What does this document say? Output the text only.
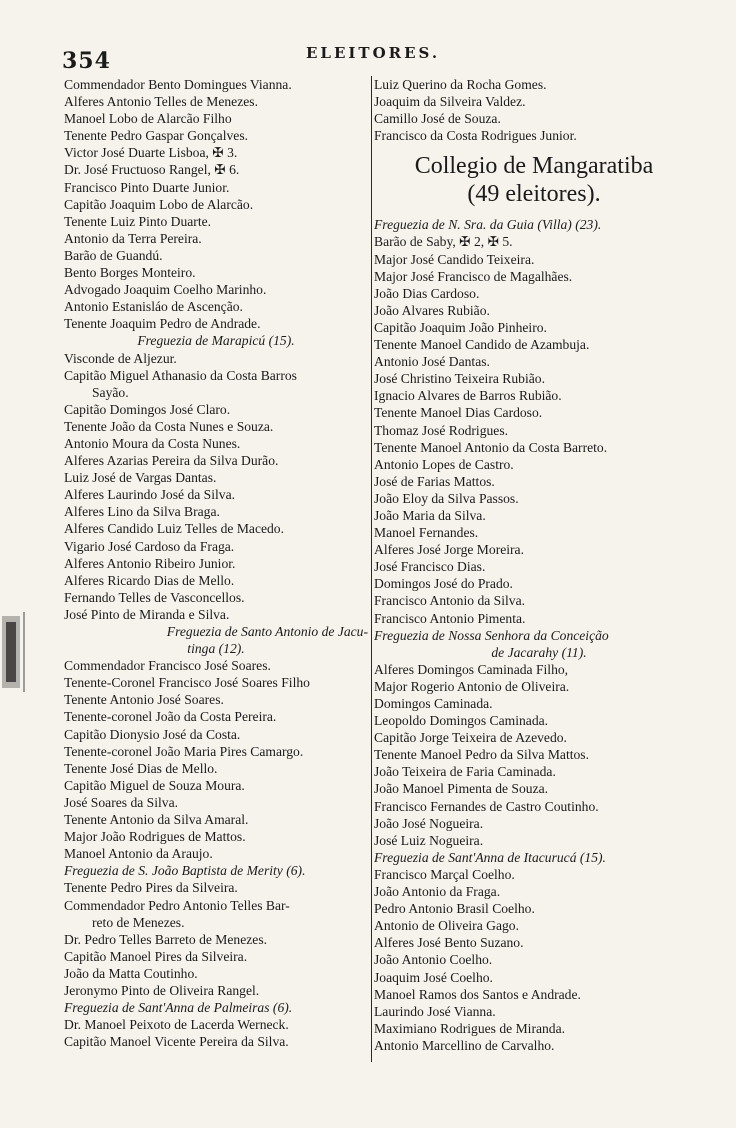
354	ELEITORES.
Commendador Bento Domingues Vianna.
Alferes Antonio Telles de Menezes.
Manoel Lobo de Alarcão Filho
Tenente Pedro Gaspar Gonçalves.
Victor José Duarte Lisboa, ✠ 3.
Dr. José Fructuoso Rangel, ✠ 6.
Francisco Pinto Duarte Junior.
Capitão Joaquim Lobo de Alarcão.
Tenente Luiz Pinto Duarte.
Antonio da Terra Pereira.
Barão de Guandú.
Bento Borges Monteiro.
Advogado Joaquim Coelho Marinho.
Antonio Estanisláo de Ascenção.
Tenente Joaquim Pedro de Andrade.
Freguezia de Marapicú (15).
Visconde de Aljezur.
Capitão Miguel Athanasio da Costa Barros
Sayão.
Capitão Domingos José Claro.
Tenente João da Costa Nunes e Souza.
Antonio Moura da Costa Nunes.
Alferes Azarias Pereira da Silva Durão.
Luiz José de Vargas Dantas.
Alferes Laurindo José da Silva.
Alferes Lino da Silva Braga.
Alferes Candido Luiz Telles de Macedo.
Vigario José Cardoso da Fraga.
Alferes Antonio Ribeiro Junior.
Alferes Ricardo Dias de Mello.
Fernando Telles de Vasconcellos.
José Pinto de Miranda e Silva.
Freguezia de Santo Antonio de Jacu-
tinga (12).
Commendador Francisco José Soares.
Tenente-Coronel Francisco José Soares Filho
Tenente Antonio José Soares.
Tenente-coronel João da Costa Pereira.
Capitão Dionysio José da Costa.
Tenente-coronel João Maria Pires Camargo.
Tenente José Dias de Mello.
Capitão Miguel de Souza Moura.
José Soares da Silva.
Tenente Antonio da Silva Amaral.
Major João Rodrigues de Mattos.
Manoel Antonio da Araujo.
Freguezia de S. João Baptista de Merity (6).
Tenente Pedro Pires da Silveira.
Commendador Pedro Antonio Telles Bar-
reto de Menezes.
Dr. Pedro Telles Barreto de Menezes.
Capitão Manoel Pires da Silveira.
João da Matta Coutinho.
Jeronymo Pinto de Oliveira Rangel.
Freguezia de Sant'Anna de Palmeiras (6).
Dr. Manoel Peixoto de Lacerda Werneck.
Capitão Manoel Vicente Pereira da Silva.
Luiz Querino da Rocha Gomes.
Joaquim da Silveira Valdez.
Camillo José de Souza.
Francisco da Costa Rodrigues Junior.
Collegio de Mangaratiba
(49 eleitores).
Freguezia de N. Sra. da Guia (Villa) (23).
Barão de Saby, ✠ 2, ✠ 5.
Major José Candido Teixeira.
Major José Francisco de Magalhães.
João Dias Cardoso.
João Alvares Rubião.
Capitão Joaquim João Pinheiro.
Tenente Manoel Candido de Azambuja.
Antonio José Dantas.
José Christino Teixeira Rubião.
Ignacio Alvares de Barros Rubião.
Tenente Manoel Dias Cardoso.
Thomaz José Rodrigues.
Tenente Manoel Antonio da Costa Barreto.
Antonio Lopes de Castro.
José de Farias Mattos.
João Eloy da Silva Passos.
João Maria da Silva.
Manoel Fernandes.
Alferes José Jorge Moreira.
José Francisco Dias.
Domingos José do Prado.
Francisco Antonio da Silva.
Francisco Antonio Pimenta.
Freguezia de Nossa Senhora da Conceição
de Jacarahy (11).
Alferes Domingos Caminada Filho,
Major Rogerio Antonio de Oliveira.
Domingos Caminada.
Leopoldo Domingos Caminada.
Capitão Jorge Teixeira de Azevedo.
Tenente Manoel Pedro da Silva Mattos.
João Teixeira de Faria Caminada.
João Manoel Pimenta de Souza.
Francisco Fernandes de Castro Coutinho.
João José Nogueira.
José Luiz Nogueira.
Freguezia de Sant'Anna de Itacurucá (15).
Francisco Marçal Coelho.
João Antonio da Fraga.
Pedro Antonio Brasil Coelho.
Antonio de Oliveira Gago.
Alferes José Bento Suzano.
João Antonio Coelho.
Joaquim José Coelho.
Manoel Ramos dos Santos e Andrade.
Laurindo José Vianna.
Maximiano Rodrigues de Miranda.
Antonio Marcellino de Carvalho.
